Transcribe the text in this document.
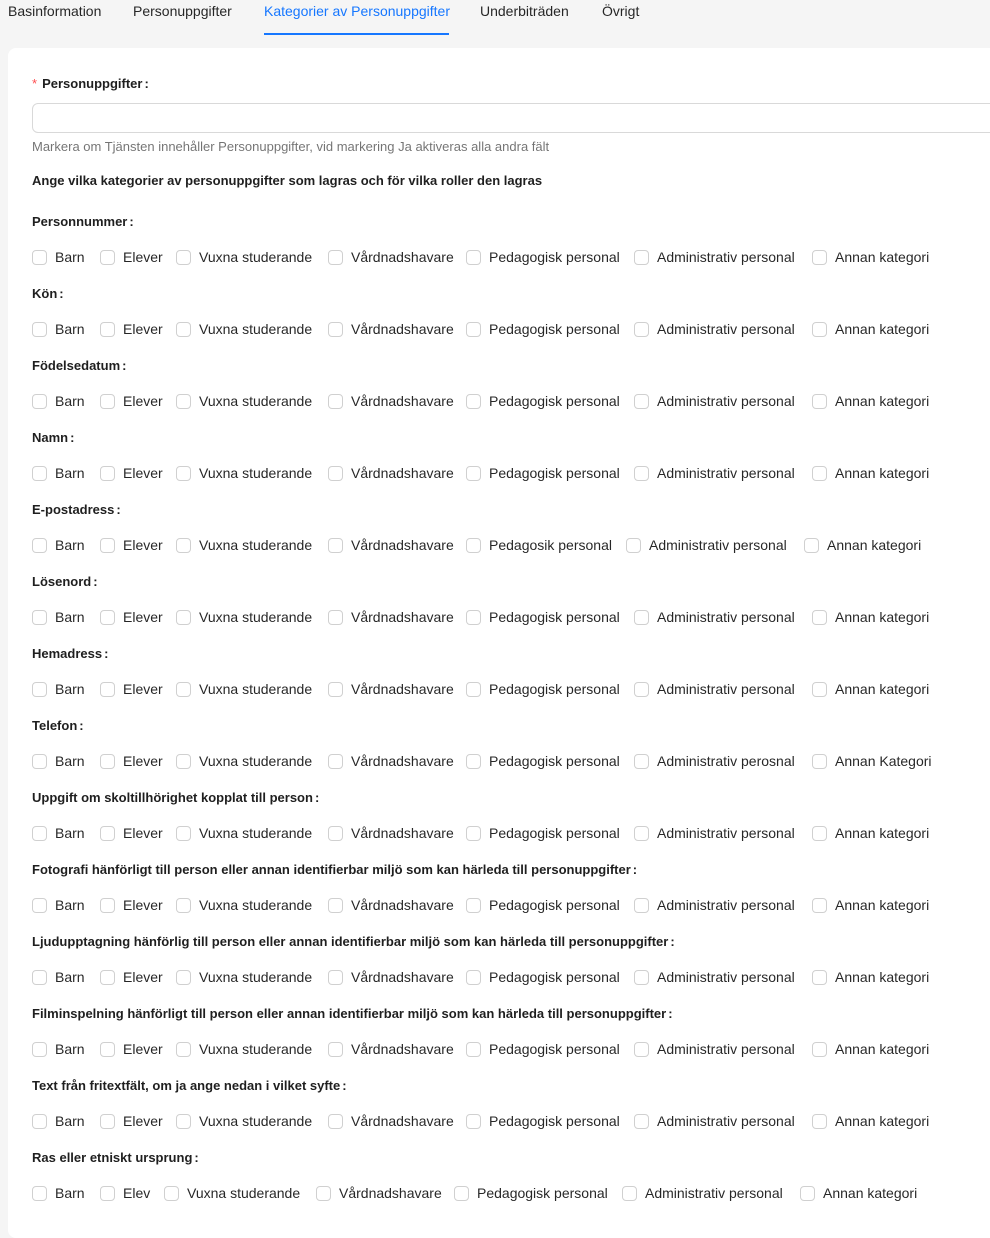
Basinformation Personuppgifter Kategorier av Personuppgifter Underbiträden Övrigt
* Personuppgifter :
Markera om Tjänsten innehåller Personuppgifter, vid markering Ja aktiveras alla andra fält
Ange vilka kategorier av personuppgifter som lagras och för vilka roller den lagras
Personnummer :
Barn	Elever	Vuxna studerande	Vårdnadshavare	Pedagogisk personal	Administrativ personal	Annan kategori
Kön :
Barn	Elever	Vuxna studerande	Vårdnadshavare	Pedagogisk personal	Administrativ personal	Annan kategori
Födelsedatum :
Barn	Elever	Vuxna studerande	Vårdnadshavare	Pedagogisk personal	Administrativ personal	Annan kategori
Namn :
Barn	Elever	Vuxna studerande	Vårdnadshavare	Pedagogisk personal	Administrativ personal	Annan kategori
E-postadress :
Barn	Elever	Vuxna studerande	Vårdnadshavare	Pedagosik personal	Administrativ personal	Annan kategori
Lösenord :
Barn	Elever	Vuxna studerande	Vårdnadshavare	Pedagogisk personal	Administrativ personal	Annan kategori
Hemadress :
Barn	Elever	Vuxna studerande	Vårdnadshavare	Pedagogisk personal	Administrativ personal	Annan kategori
Telefon :
Barn	Elever	Vuxna studerande	Vårdnadshavare	Pedagogisk personal	Administrativ perosnal	Annan Kategori
Uppgift om skoltillhörighet kopplat till person :
Barn	Elever	Vuxna studerande	Vårdnadshavare	Pedagogisk personal	Administrativ personal	Annan kategori
Fotografi hänförligt till person eller annan identifierbar miljö som kan härleda till personuppgifter :
Barn	Elever	Vuxna studerande	Vårdnadshavare	Pedagogisk personal	Administrativ personal	Annan kategori
Ljudupptagning hänförlig till person eller annan identifierbar miljö som kan härleda till personuppgifter :
Barn	Elever	Vuxna studerande	Vårdnadshavare	Pedagogisk personal	Administrativ personal	Annan kategori
Filminspelning hänförligt till person eller annan identifierbar miljö som kan härleda till personuppgifter :
Barn	Elever	Vuxna studerande	Vårdnadshavare	Pedagogisk personal	Administrativ personal	Annan kategori
Text från fritextfält, om ja ange nedan i vilket syfte :
Barn	Elever	Vuxna studerande	Vårdnadshavare	Pedagogisk personal	Administrativ personal	Annan kategori
Ras eller etniskt ursprung :
Barn	Elev	Vuxna studerande	Vårdnadshavare	Pedagogisk personal	Administrativ personal	Annan kategori
